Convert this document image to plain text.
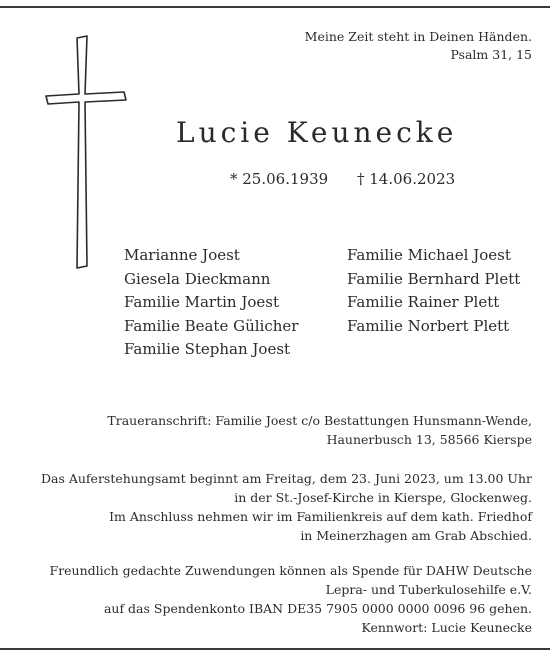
Meine Zeit steht in Deinen Händen.
Psalm 31, 15
Lucie Keunecke
* 25.06.1939 † 14.06.2023
Marianne Joest
Giesela Dieckmann
Familie Martin Joest
Familie Beate Gülicher
Familie Stephan Joest
Familie Michael Joest
Familie Bernhard Plett
Familie Rainer Plett
Familie Norbert Plett
Traueranschrift: Familie Joest c/o Bestattungen Hunsmann-Wende,
Haunerbusch 13, 58566 Kierspe
Das Auferstehungsamt beginnt am Freitag, dem 23. Juni 2023, um 13.00 Uhr
in der St.-Josef-Kirche in Kierspe, Glockenweg.
Im Anschluss nehmen wir im Familienkreis auf dem kath. Friedhof
in Meinerzhagen am Grab Abschied.
Freundlich gedachte Zuwendungen können als Spende für DAHW Deutsche
Lepra- und Tuberkulosehilfe e.V.
auf das Spendenkonto IBAN DE35 7905 0000 0000 0096 96 gehen.
Kennwort: Lucie Keunecke
